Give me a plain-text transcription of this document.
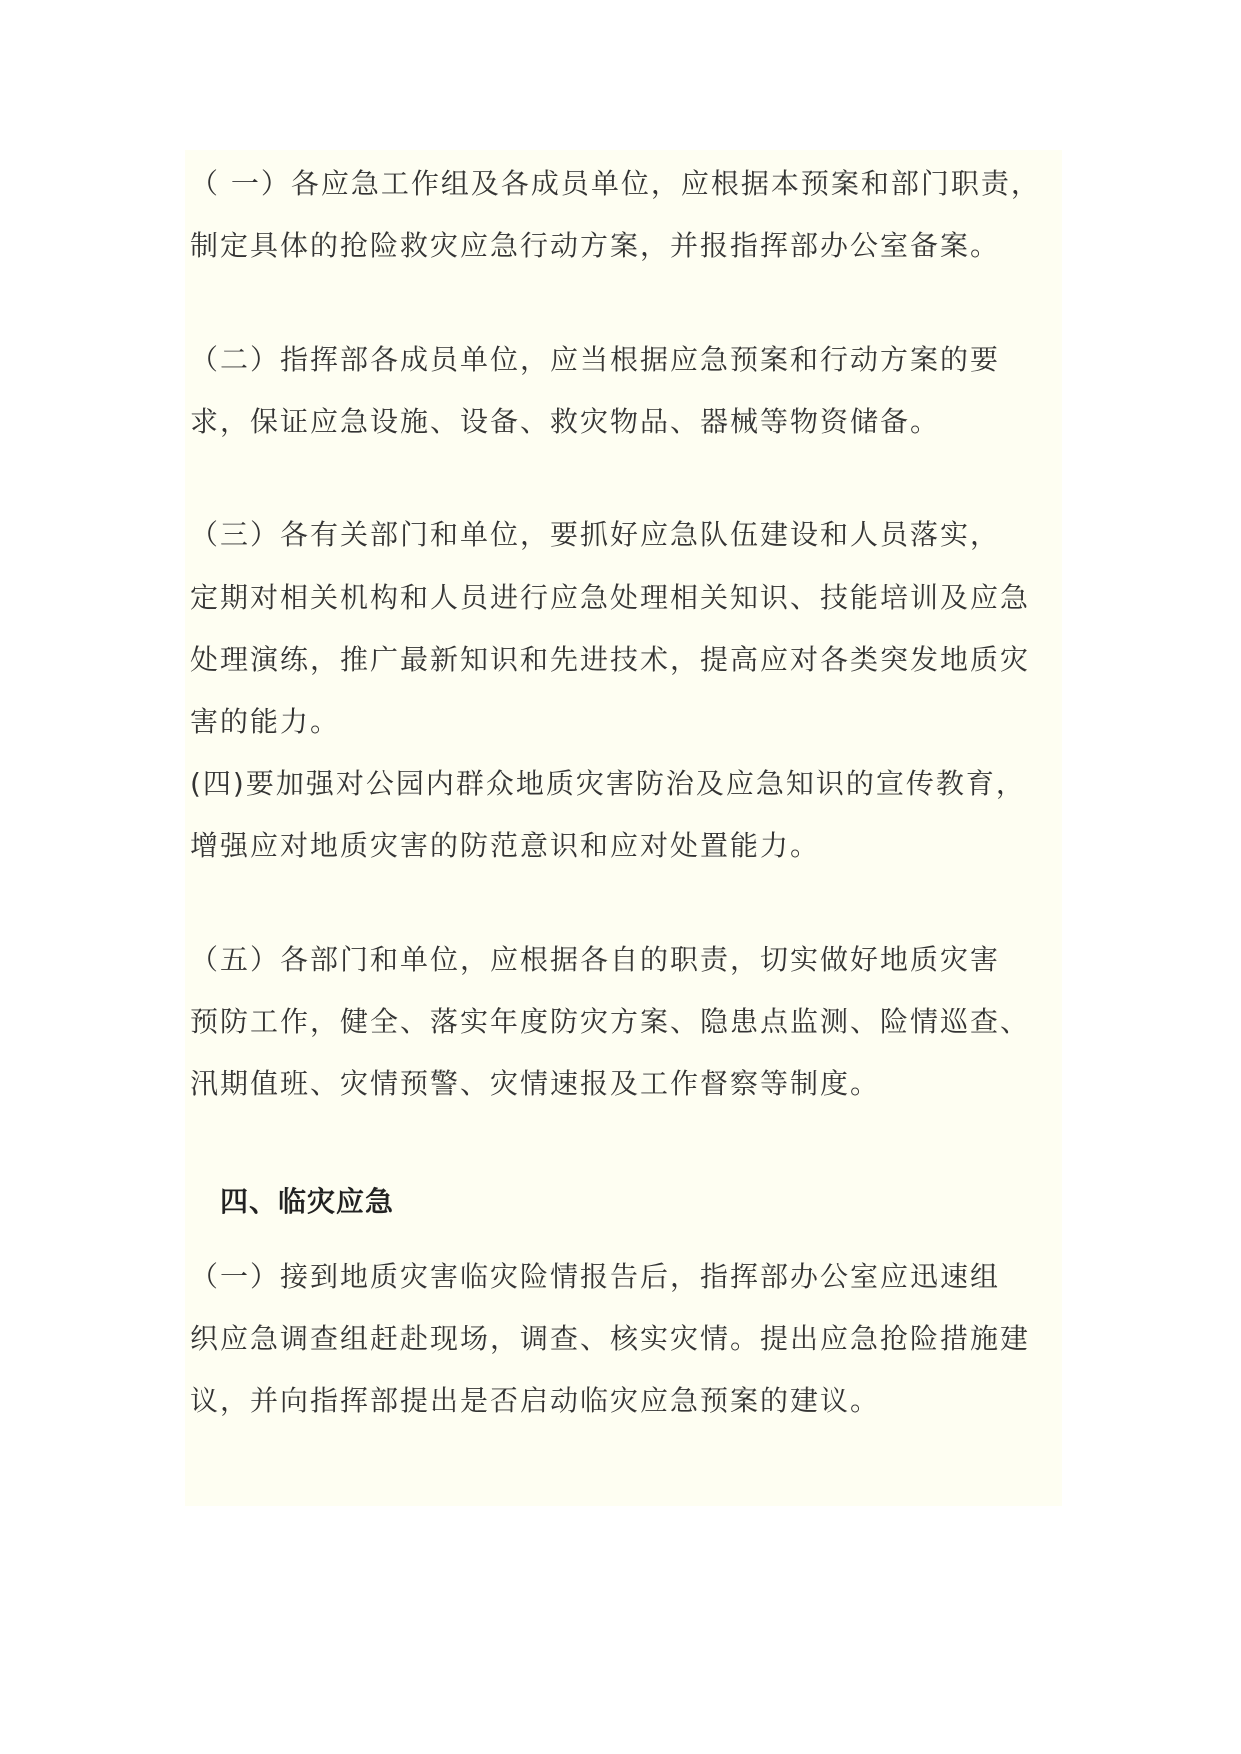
（ 一）各应急工作组及各成员单位，应根据本预案和部门职责，
制定具体的抢险救灾应急行动方案，并报指挥部办公室备案。
（二）指挥部各成员单位，应当根据应急预案和行动方案的要
求，保证应急设施、设备、救灾物品、器械等物资储备。
（三）各有关部门和单位，要抓好应急队伍建设和人员落实，
定期对相关机构和人员进行应急处理相关知识、技能培训及应急
处理演练，推广最新知识和先进技术，提高应对各类突发地质灾
害的能力。
(四)要加强对公园内群众地质灾害防治及应急知识的宣传教育，
增强应对地质灾害的防范意识和应对处置能力。
（五）各部门和单位，应根据各自的职责，切实做好地质灾害
预防工作，健全、落实年度防灾方案、隐患点监测、险情巡查、
汛期值班、灾情预警、灾情速报及工作督察等制度。
四、临灾应急
（一）接到地质灾害临灾险情报告后，指挥部办公室应迅速组
织应急调查组赶赴现场，调查、核实灾情。提出应急抢险措施建
议，并向指挥部提出是否启动临灾应急预案的建议。
